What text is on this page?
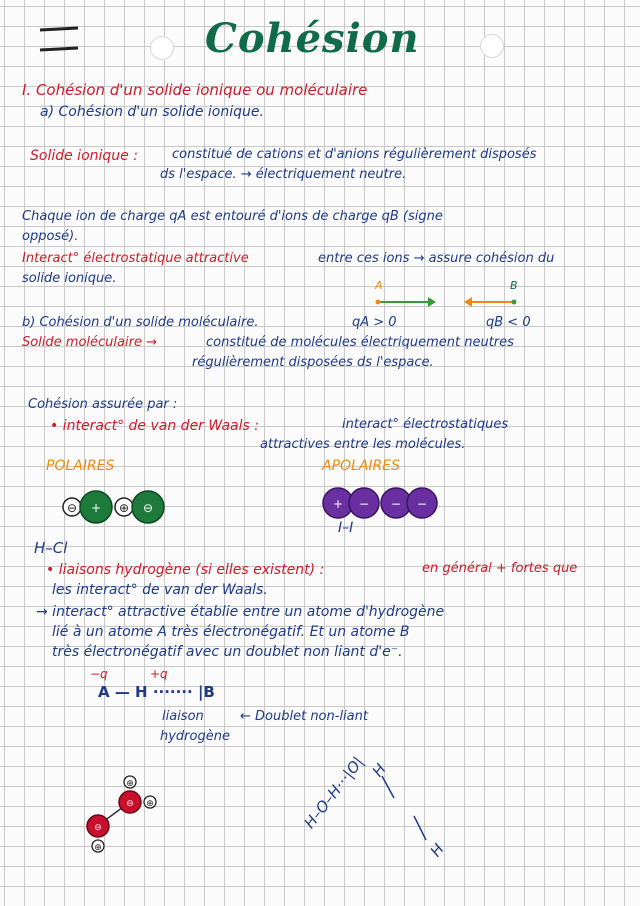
Cohésion
I. Cohésion d'un solide ionique ou moléculaire
a) Cohésion d'un solide ionique.
Solide ionique :	constitué de cations et d'anions régulièrement disposés
ds l'espace. → électriquement neutre.
Chaque ion de charge qA est entouré d'ions de charge qB (signe
opposé).
Interact° électrostatique attractive	entre ces ions → assure cohésion du
solide ionique.	A	B
b) Cohésion d'un solide moléculaire.	qA > 0	qB < 0
Solide moléculaire →	constitué de molécules électriquement neutres
régulièrement disposées ds l'espace.
Cohésion assurée par :
• interact° de van der Waals :	interact° électrostatiques
attractives entre les molécules.
POLAIRES	APOLAIRES
⊖ + ⊕ ⊖	+ − − −
I–I
H–Cl
• liaisons hydrogène (si elles existent) :	en général + fortes que
les interact° de van der Waals.
→ interact° attractive établie entre un atome d'hydrogène
lié à un atome A très électronégatif. Et un atome B
très électronégatif avec un doublet non liant d'e⁻.
−q	+q
A — H ······· |B
liaison	← Doublet non-liant
hydrogène
⊕
⊖ ⊕
⊖
⊕
H–O–H···|O| H
H
